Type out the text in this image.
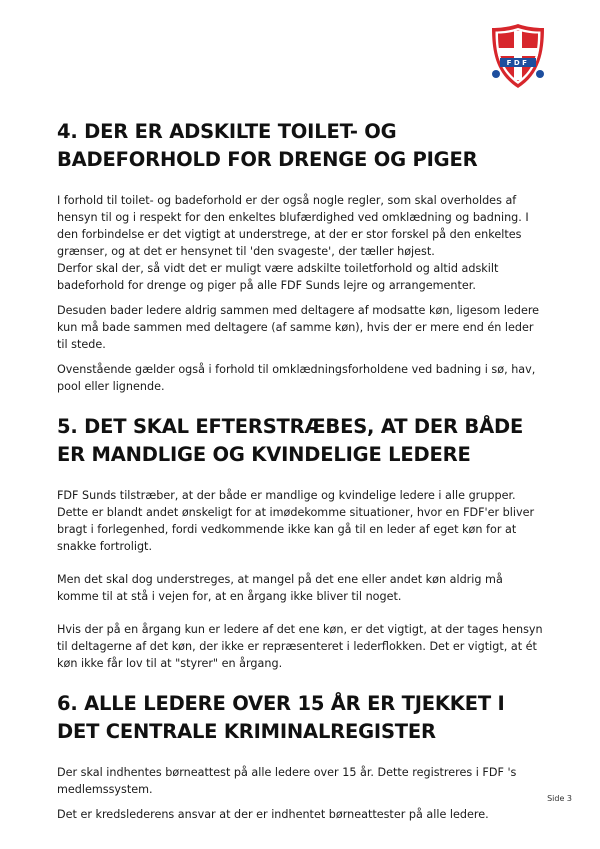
FDF
4. DER ER ADSKILTE TOILET- OG BADEFORHOLD FOR DRENGE OG PIGER

I forhold til toilet- og badeforhold er der også nogle regler, som skal overholdes af hensyn til og i respekt for den enkeltes blufærdighed ved omklædning og badning. I den forbindelse er det vigtigt at understrege, at der er stor forskel på den enkeltes grænser, og at det er hensynet til 'den svageste', der tæller højest.

Derfor skal der, så vidt det er muligt være adskilte toiletforhold og altid adskilt badeforhold for drenge og piger på alle FDF Sunds lejre og arrangementer.

Desuden bader ledere aldrig sammen med deltagere af modsatte køn, ligesom ledere kun må bade sammen med deltagere (af samme køn), hvis der er mere end én leder til stede.

Ovenstående gælder også i forhold til omklædningsforholdene ved badning i sø, hav, pool eller lignende.

5. DET SKAL EFTERSTRÆBES, AT DER BÅDE ER MANDLIGE OG KVINDELIGE LEDERE

FDF Sunds tilstræber, at der både er mandlige og kvindelige ledere i alle grupper. Dette er blandt andet ønskeligt for at imødekomme situationer, hvor en FDF'er bliver bragt i forlegenhed, fordi vedkommende ikke kan gå til en leder af eget køn for at snakke fortroligt.

Men det skal dog understreges, at mangel på det ene eller andet køn aldrig må komme til at stå i vejen for, at en årgang ikke bliver til noget.

Hvis der på en årgang kun er ledere af det ene køn, er det vigtigt, at der tages hensyn til deltagerne af det køn, der ikke er repræsenteret i lederflokken. Det er vigtigt, at ét køn ikke får lov til at "styrer" en årgang.

6. ALLE LEDERE OVER 15 ÅR ER TJEKKET I DET CENTRALE KRIMINALREGISTER

Der skal indhentes børneattest på alle ledere over 15 år. Dette registreres i FDF 's medlemssystem.

Det er kredslederens ansvar at der er indhentet børneattester på alle ledere.

Side 3
